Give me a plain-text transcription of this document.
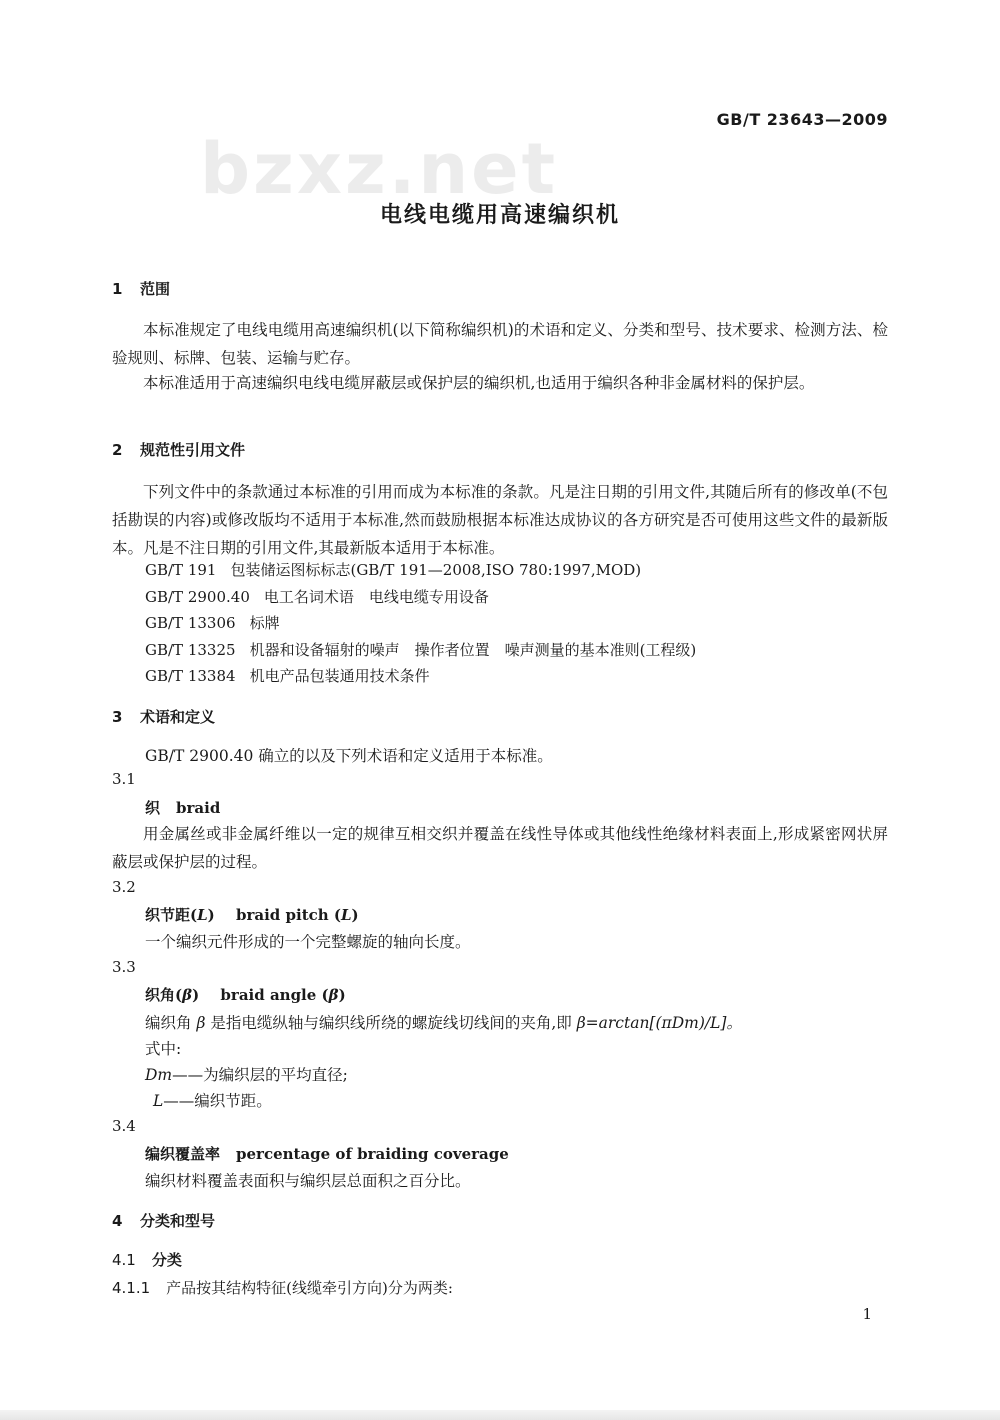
bzxz.net
GB/T 23643—2009
电线电缆用高速编织机
1 范围
本标准规定了电线电缆用高速编织机(以下简称编织机)的术语和定义、分类和型号、技术要求、检测方法、检验规则、标牌、包装、运输与贮存。
本标准适用于高速编织电线电缆屏蔽层或保护层的编织机,也适用于编织各种非金属材料的保护层。
2 规范性引用文件
下列文件中的条款通过本标准的引用而成为本标准的条款。凡是注日期的引用文件,其随后所有的修改单(不包括勘误的内容)或修改版均不适用于本标准,然而鼓励根据本标准达成协议的各方研究是否可使用这些文件的最新版本。凡是不注日期的引用文件,其最新版本适用于本标准。
GB/T 191 包装储运图标标志(GB/T 191—2008,ISO 780:1997,MOD)
GB/T 2900.40 电工名词术语　电线电缆专用设备
GB/T 13306 标牌
GB/T 13325 机器和设备辐射的噪声　操作者位置　噪声测量的基本准则(工程级)
GB/T 13384 机电产品包装通用技术条件
3 术语和定义
GB/T 2900.40 确立的以及下列术语和定义适用于本标准。
3.1
织 braid
用金属丝或非金属纤维以一定的规律互相交织并覆盖在线性导体或其他线性绝缘材料表面上,形成紧密网状屏蔽层或保护层的过程。
3.2
织节距(L) braid pitch (L)
一个编织元件形成的一个完整螺旋的轴向长度。
3.3
织角(β) braid angle (β)
编织角 β 是指电缆纵轴与编织线所绕的螺旋线切线间的夹角,即 β=arctan[(πDm)/L]。
式中:
Dm——为编织层的平均直径;
L——编织节距。
3.4
编织覆盖率 percentage of braiding coverage
编织材料覆盖表面积与编织层总面积之百分比。
4 分类和型号
4.1 分类
4.1.1 产品按其结构特征(线缆牵引方向)分为两类:
1
